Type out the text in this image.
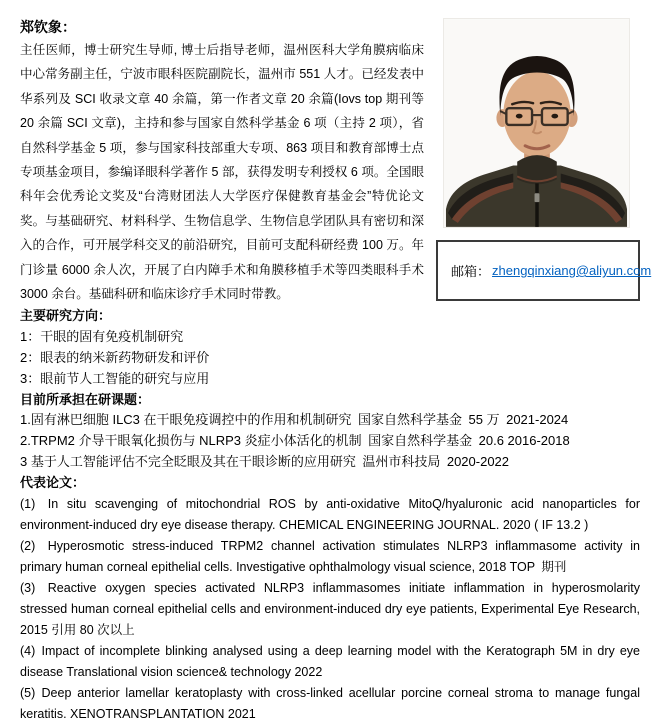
邮箱： zhengqinxiang@aliyun.com
郑钦象：

主任医师，博士研究生导师, 博士后指导老师，温州医科大学角膜病临床中心常务副主任，宁波市眼科医院副院长，温州市 551 人才。已经发表中华系列及 SCI 收录文章 40 余篇，第一作者文章 20 余篇(Iovs top 期刊等 20 余篇 SCI 文章)，主持和参与国家自然科学基金 6 项（主持 2 项），省自然科学基金 5 项，参与国家科技部重大专项、863 项目和教育部博士点专项基金项目，参编译眼科学著作 5 部，获得发明专利授权 6 项。全国眼科年会优秀论文奖及“台湾财团法人大学医疗保健教育基金会”特优论文奖。与基础研究、材料科学、生物信息学、生物信息学团队具有密切和深入的合作，可开展学科交叉的前沿研究，目前可支配科研经费 100 万。年门诊量 6000 余人次，开展了白内障手术和角膜移植手术等四类眼科手术 3000 余台。基础科研和临床诊疗手术同时带教。

主要研究方向：

1：干眼的固有免疫机制研究

2：眼表的纳米新药物研发和评价

3：眼前节人工智能的研究与应用

目前所承担在研课题：

1.固有淋巴细胞 ILC3 在干眼免疫调控中的作用和机制研究 国家自然科学基金 55 万 2021-2024

2.TRPM2 介导干眼氧化损伤与 NLRP3 炎症小体活化的机制 国家自然科学基金 20.6 2016-2018

3 基于人工智能评估不完全眨眼及其在干眼诊断的应用研究 温州市科技局 2020-2022

代表论文：

(1) In situ scavenging of mitochondrial ROS by anti-oxidative MitoQ/hyaluronic acid nanoparticles for environment-induced dry eye disease therapy. CHEMICAL ENGINEERING JOURNAL. 2020 ( IF 13.2 )

(2) Hyperosmotic stress-induced TRPM2 channel activation stimulates NLRP3 inflammasome activity in primary human corneal epithelial cells. Investigative ophthalmology visual science, 2018 TOP 期刊

(3) Reactive oxygen species activated NLRP3 inflammasomes initiate inflammation in hyperosmolarity stressed human corneal epithelial cells and environment-induced dry eye patients, Experimental Eye Research, 2015 引用 80 次以上

(4) Impact of incomplete blinking analysed using a deep learning model with the Keratograph 5M in dry eye disease Translational vision science& technology 2022

(5) Deep anterior lamellar keratoplasty with cross-linked acellular porcine corneal stroma to manage fungal keratitis. XENOTRANSPLANTATION 2021
